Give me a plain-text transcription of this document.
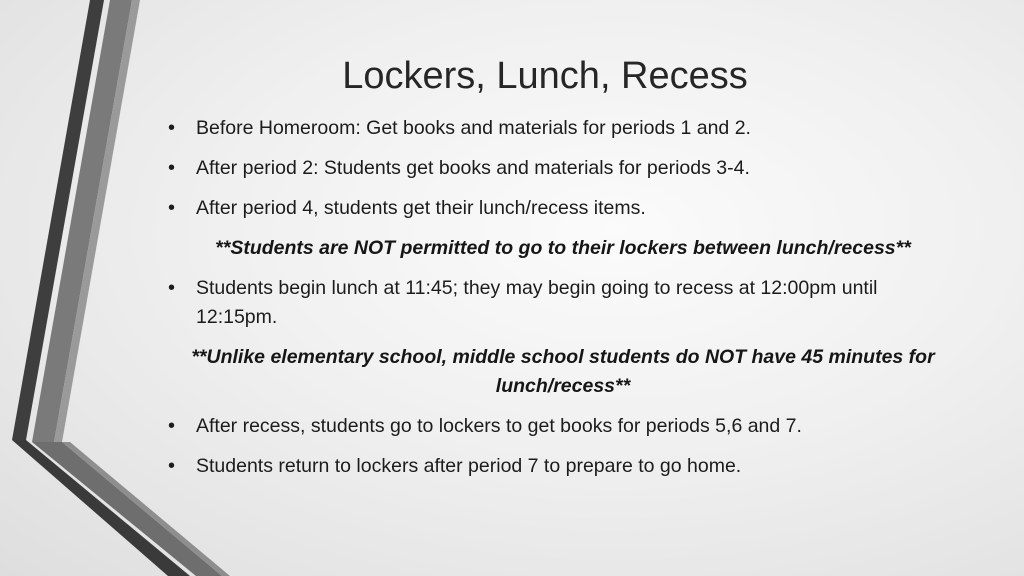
Lockers, Lunch, Recess
• Before Homeroom: Get books and materials for periods 1 and 2.
• After period 2: Students get books and materials for periods 3-4.
• After period 4, students get their lunch/recess items.
**Students are NOT permitted to go to their lockers between lunch/recess**
• Students begin lunch at 11:45; they may begin going to recess at 12:00pm until 12:15pm.
**Unlike elementary school, middle school students do NOT have 45 minutes for lunch/recess**
• After recess, students go to lockers to get books for periods 5,6 and 7.
• Students return to lockers after period 7 to prepare to go home.
